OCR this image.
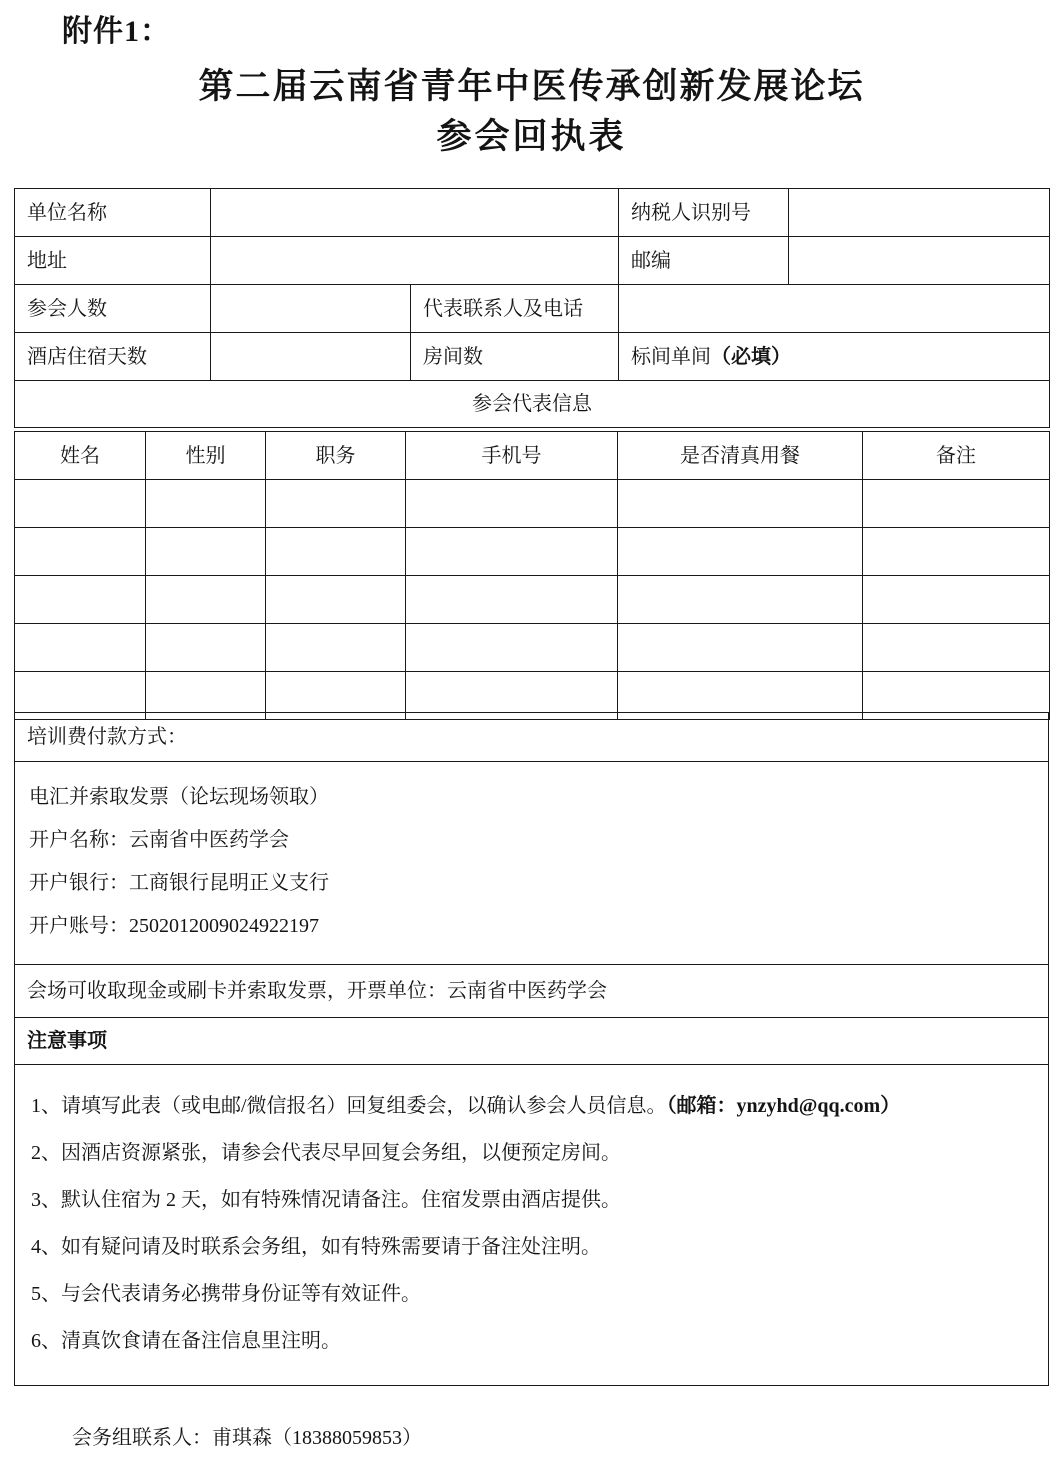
附件1：
第二届云南省青年中医传承创新发展论坛
参会回执表
单位名称			纳税人识别号	
地址			邮编	
参会人数		代表联系人及电话		
酒店住宿天数		房间数	标间单间（必填）	
参会代表信息				
姓名	性别	职务	手机号	是否清真用餐	备注

培训费付款方式：

电汇并索取发票（论坛现场领取）

开户名称：云南省中医药学会

开户银行：工商银行昆明正义支行

开户账号：2502012009024922197

会场可收取现金或刷卡并索取发票，开票单位：云南省中医药学会
注意事项

1、请填写此表（或电邮/微信报名）回复组委会，以确认参会人员信息。（邮箱：ynzyhd@qq.com）

2、因酒店资源紧张，请参会代表尽早回复会务组，以便预定房间。

3、默认住宿为 2 天，如有特殊情况请备注。住宿发票由酒店提供。

4、如有疑问请及时联系会务组，如有特殊需要请于备注处注明。

5、与会代表请务必携带身份证等有效证件。

6、清真饮食请在备注信息里注明。

会务组联系人：甫琪森（18388059853）
